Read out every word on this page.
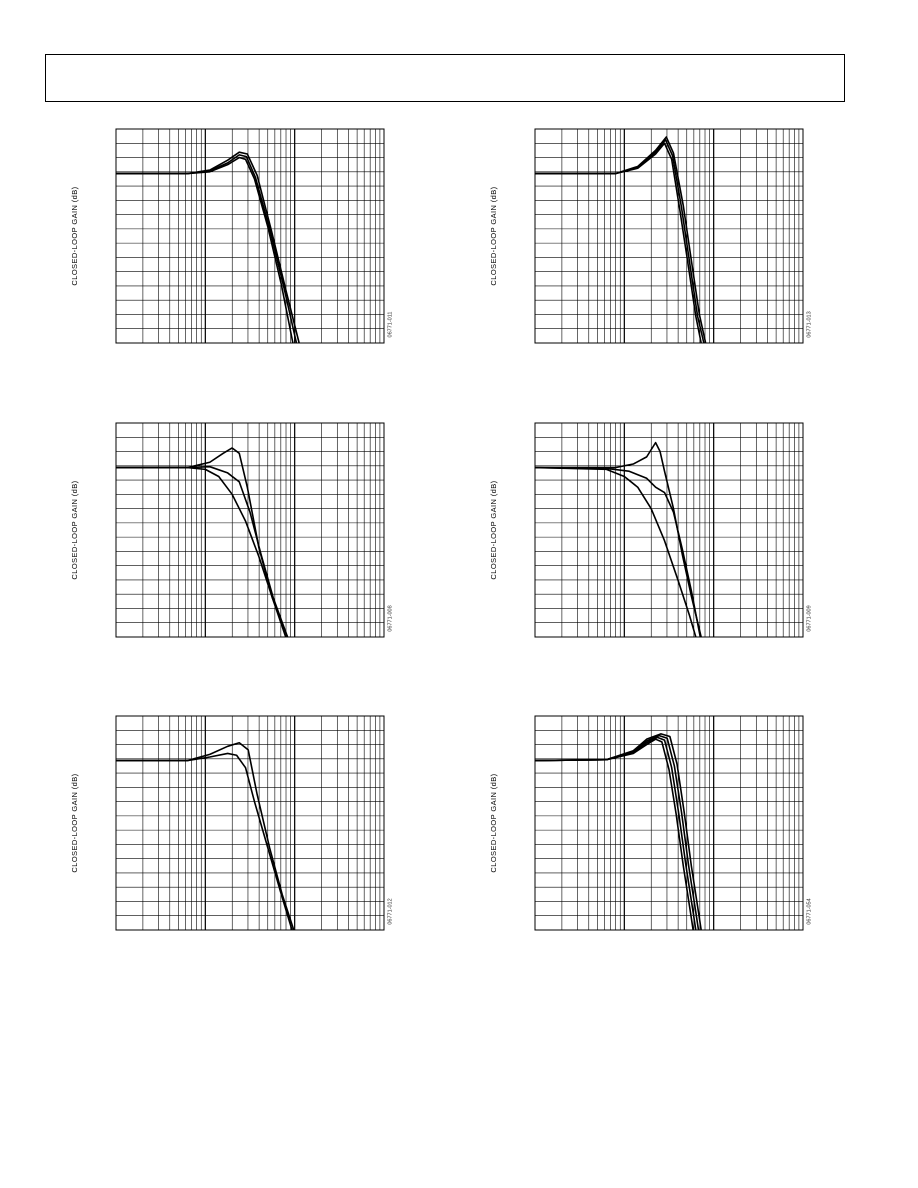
CLOSED-LOOP GAIN (dB)
06771-011
CLOSED-LOOP GAIN (dB)
06771-013
CLOSED-LOOP GAIN (dB)
06771-008
CLOSED-LOOP GAIN (dB)
06771-009
CLOSED-LOOP GAIN (dB)
06771-012
CLOSED-LOOP GAIN (dB)
06771-054
